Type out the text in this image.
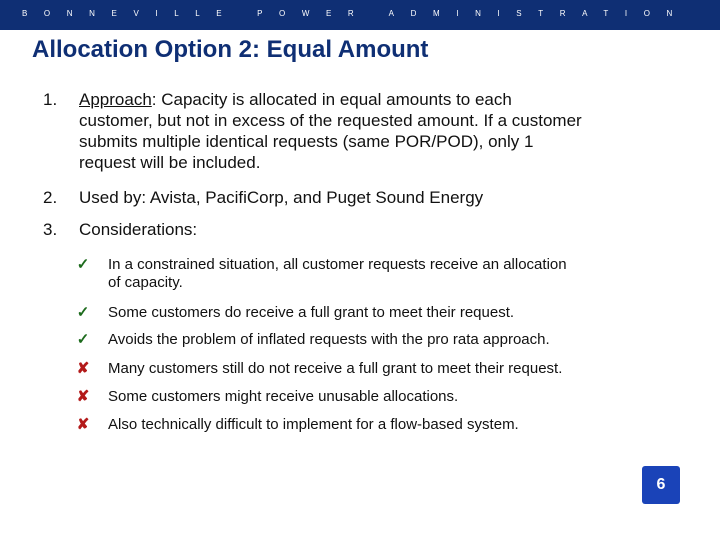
BONNEVILLE POWER ADMINISTRATION
Allocation Option 2: Equal Amount
1. Approach: Capacity is allocated in equal amounts to each
customer, but not in excess of the requested amount. If a customer
submits multiple identical requests (same POR/POD), only 1
request will be included.
2. Used by: Avista, PacifiCorp, and Puget Sound Energy
3. Considerations:
✓ In a constrained situation, all customer requests receive an allocation
of capacity.
✓ Some customers do receive a full grant to meet their request.
✓ Avoids the problem of inflated requests with the pro rata approach.
✘ Many customers still do not receive a full grant to meet their request.
✘ Some customers might receive unusable allocations.
✘ Also technically difficult to implement for a flow-based system.
6
